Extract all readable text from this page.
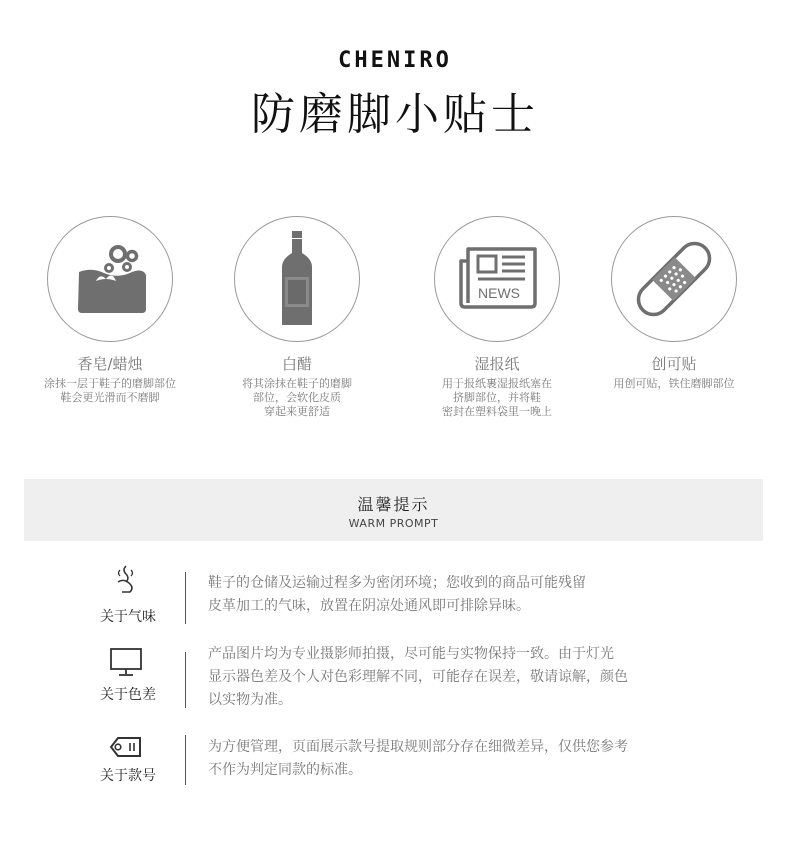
CHENIRO
防磨脚小贴士
香皂/蜡烛
涂抹一层于鞋子的磨脚部位
鞋会更光滑而不磨脚
白醋
将其涂抹在鞋子的磨脚
部位，会软化皮质
穿起来更舒适
NEWS
湿报纸
用于报纸裹湿报纸塞在
挤脚部位，并将鞋
密封在塑料袋里一晚上
创可贴
用创可贴，铁住磨脚部位
温馨提示
WARM PROMPT
关于气味
鞋子的仓储及运输过程多为密闭环境；您收到的商品可能残留
皮革加工的气味，放置在阴凉处通风即可排除异味。
关于色差
产品图片均为专业摄影师拍摄，尽可能与实物保持一致。由于灯光
显示器色差及个人对色彩理解不同，可能存在误差，敬请谅解，颜色
以实物为准。
关于款号
为方便管理，页面展示款号提取规则部分存在细微差异，仅供您参考
不作为判定同款的标准。
